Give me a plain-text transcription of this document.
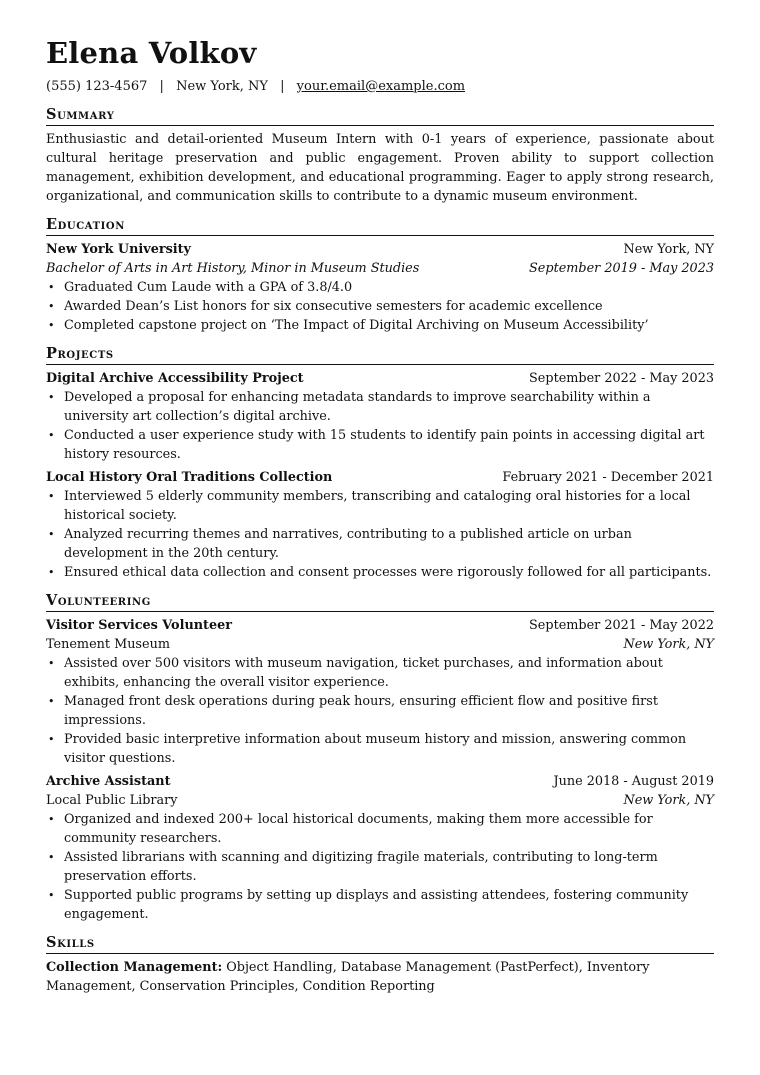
Elena Volkov
(555) 123-4567 | New York, NY | your.email@example.com
Summary

Enthusiastic and detail-oriented Museum Intern with 0-1 years of experience, passionate about cultural heritage preservation and public engagement. Proven ability to support collection management, exhibition development, and educational programming. Eager to apply strong research, organizational, and communication skills to contribute to a dynamic museum environment.

Education
New York University	New York, NY
Bachelor of Arts in Art History, Minor in Museum Studies	September 2019 - May 2023
• Graduated Cum Laude with a GPA of 3.8/4.0
• Awarded Dean’s List honors for six consecutive semesters for academic excellence
• Completed capstone project on ‘The Impact of Digital Archiving on Museum Accessibility’
Projects
Digital Archive Accessibility Project	September 2022 - May 2023
• Developed a proposal for enhancing metadata standards to improve searchability within a university art collection’s digital archive.
• Conducted a user experience study with 15 students to identify pain points in accessing digital art history resources.
Local History Oral Traditions Collection	February 2021 - December 2021
• Interviewed 5 elderly community members, transcribing and cataloging oral histories for a local historical society.
• Analyzed recurring themes and narratives, contributing to a published article on urban development in the 20th century.
• Ensured ethical data collection and consent processes were rigorously followed for all participants.
Volunteering
Visitor Services Volunteer	September 2021 - May 2022
Tenement Museum	New York, NY
• Assisted over 500 visitors with museum navigation, ticket purchases, and information about exhibits, enhancing the overall visitor experience.
• Managed front desk operations during peak hours, ensuring efficient flow and positive first impressions.
• Provided basic interpretive information about museum history and mission, answering common visitor questions.
Archive Assistant	June 2018 - August 2019
Local Public Library	New York, NY
• Organized and indexed 200+ local historical documents, making them more accessible for community researchers.
• Assisted librarians with scanning and digitizing fragile materials, contributing to long-term preservation efforts.
• Supported public programs by setting up displays and assisting attendees, fostering community engagement.
Skills

Collection Management: Object Handling, Database Management (PastPerfect), Inventory Management, Conservation Principles, Condition Reporting
